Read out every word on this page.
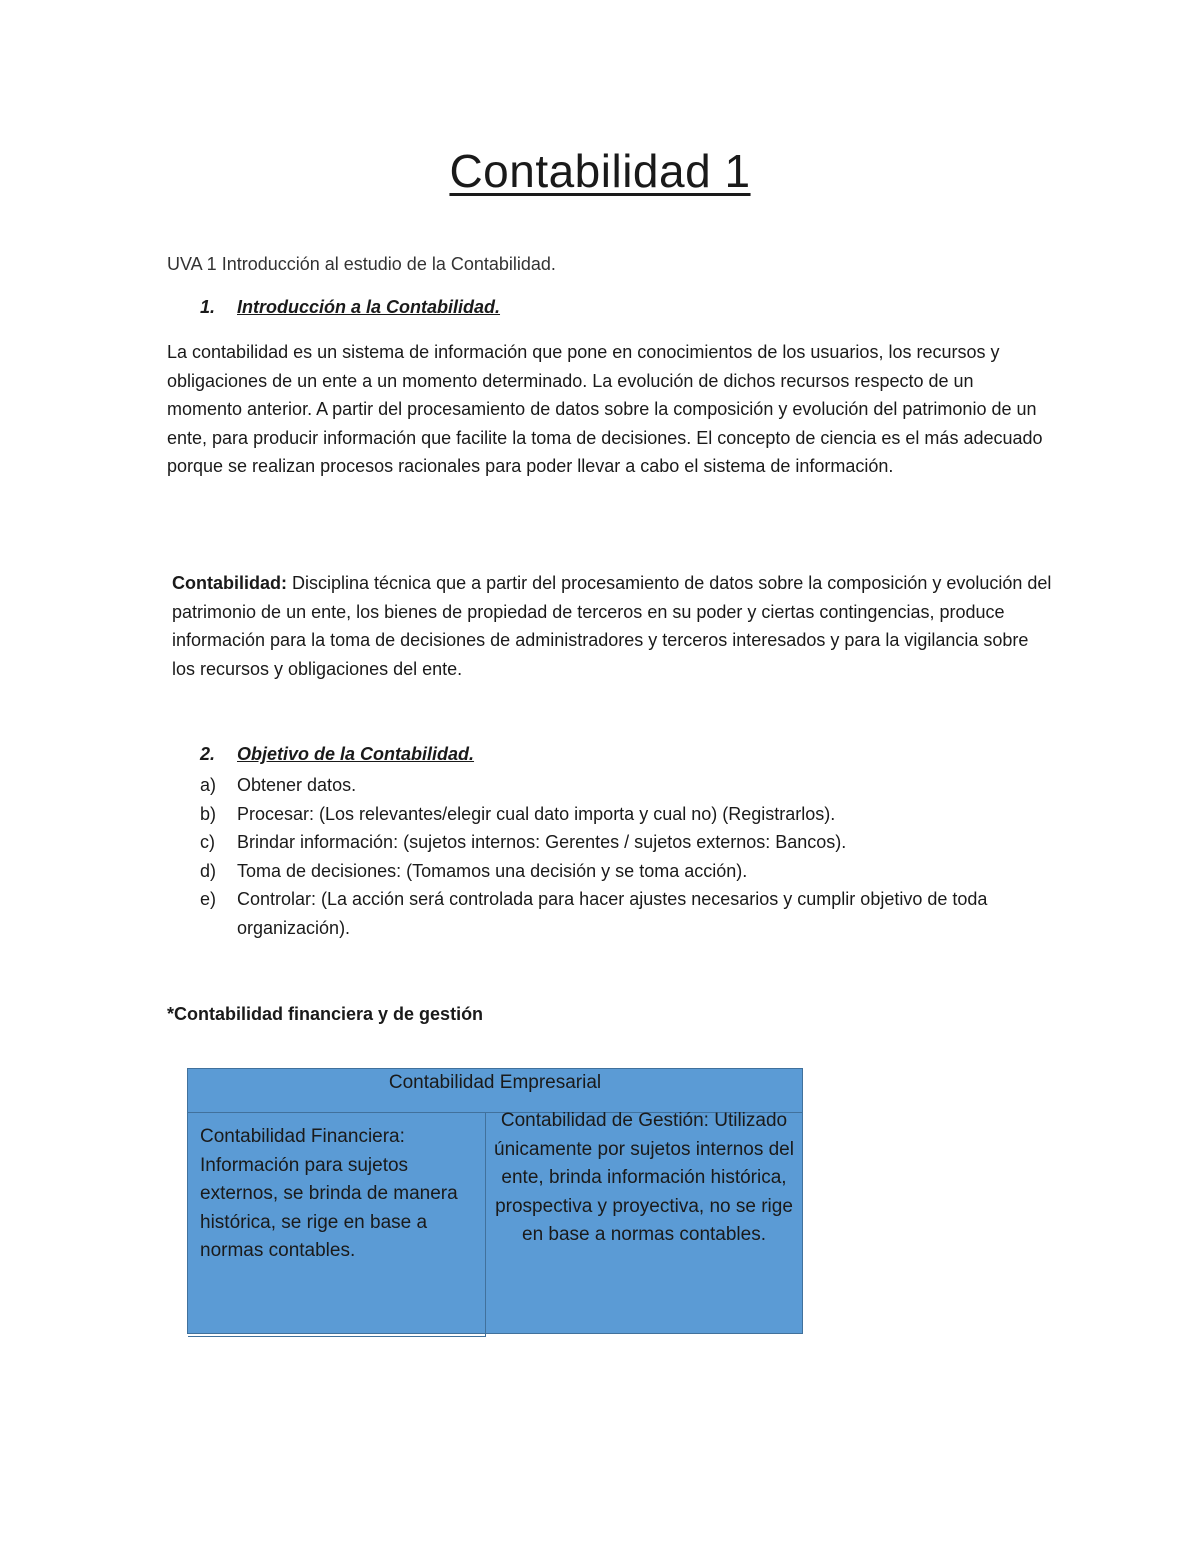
Contabilidad 1

UVA 1 Introducción al estudio de la Contabilidad.

1. Introducción a la Contabilidad.

La contabilidad es un sistema de información que pone en conocimientos de los usuarios, los recursos y obligaciones de un ente a un momento determinado. La evolución de dichos recursos respecto de un momento anterior. A partir del procesamiento de datos sobre la composición y evolución del patrimonio de un ente, para producir información que facilite la toma de decisiones. El concepto de ciencia es el más adecuado porque se realizan procesos racionales para poder llevar a cabo el sistema de información.

Contabilidad: Disciplina técnica que a partir del procesamiento de datos sobre la composición y evolución del patrimonio de un ente, los bienes de propiedad de terceros en su poder y ciertas contingencias, produce información para la toma de decisiones de administradores y terceros interesados y para la vigilancia sobre los recursos y obligaciones del ente.

2. Objetivo de la Contabilidad.
a)	Obtener datos.
b)	Procesar: (Los relevantes/elegir cual dato importa y cual no) (Registrarlos).
c)	Brindar información: (sujetos internos: Gerentes / sujetos externos: Bancos).
d)	Toma de decisiones: (Tomamos una decisión y se toma acción).
e)	Controlar: (La acción será controlada para hacer ajustes necesarios y cumplir objetivo de toda organización).
*Contabilidad financiera y de gestión
Contabilidad Empresarial
Contabilidad Financiera: Información para sujetos externos, se brinda de manera histórica, se rige en base a normas contables.
Contabilidad de Gestión: Utilizado únicamente por sujetos internos del ente, brinda información histórica, prospectiva y proyectiva, no se rige en base a normas contables.
